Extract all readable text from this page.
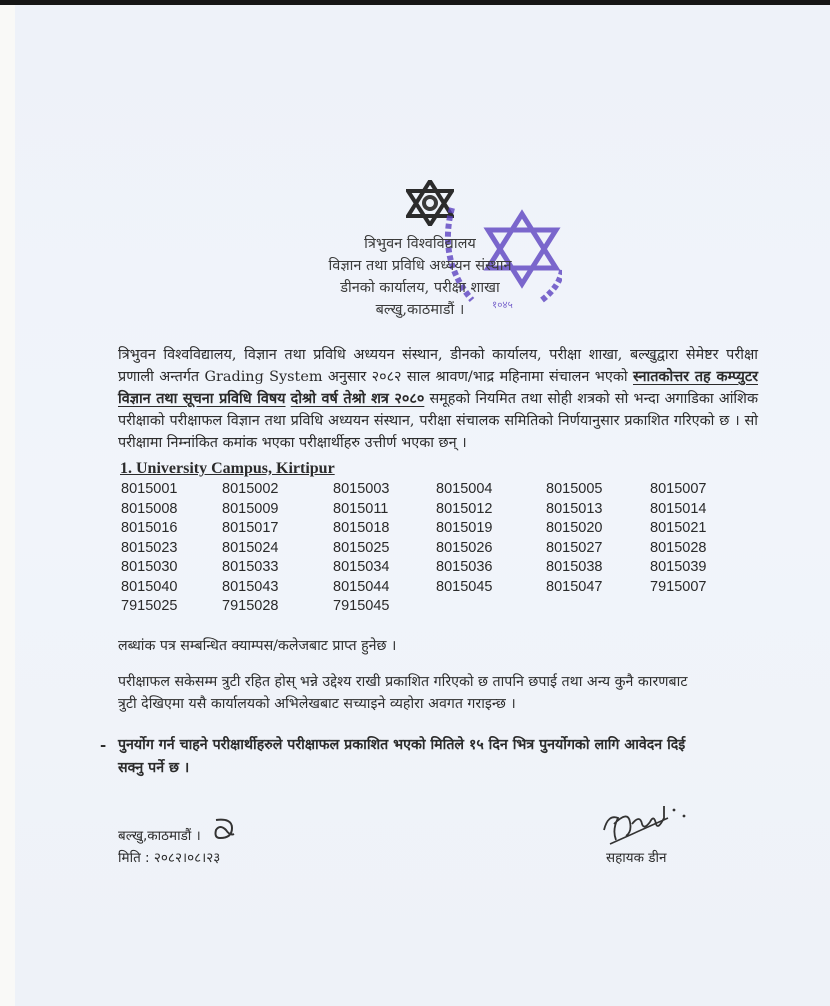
१०४५
त्रिभुवन विश्वविद्यालय
विज्ञान तथा प्रविधि अध्ययन संस्थान
डीनको कार्यालय, परीक्षा शाखा
बल्खु,काठमाडौं ।
त्रिभुवन विश्वविद्यालय, विज्ञान तथा प्रविधि अध्ययन संस्थान, डीनको कार्यालय, परीक्षा शाखा, बल्खुद्वारा सेमेष्टर परीक्षा प्रणाली अन्तर्गत Grading System अनुसार २०८२ साल श्रावण/भाद्र महिनामा संचालन भएको स्नातकोत्तर तह कम्प्युटर विज्ञान तथा सूचना प्रविधि विषय दोश्रो वर्ष तेश्रो शत्र २०८० समूहको नियमित तथा सोही शत्रको सो भन्दा अगाडिका आंशिक परीक्षाको परीक्षाफल विज्ञान तथा प्रविधि अध्ययन संस्थान, परीक्षा संचालक समितिको निर्णयानुसार प्रकाशित गरिएको छ । सो परीक्षामा निम्नांकित कमांक भएका परीक्षार्थीहरु उत्तीर्ण भएका छन् ।
1. University Campus, Kirtipur
8015001	8015002	8015003	8015004	8015005	8015007
8015008	8015009	8015011	8015012	8015013	8015014
8015016	8015017	8015018	8015019	8015020	8015021
8015023	8015024	8015025	8015026	8015027	8015028
8015030	8015033	8015034	8015036	8015038	8015039
8015040	8015043	8015044	8015045	8015047	7915007
7915025	7915028	7915045
लब्धांक पत्र सम्बन्धित क्याम्पस/कलेजबाट प्राप्त हुनेछ ।
परीक्षाफल सकेसम्म त्रुटी रहित होस् भन्ने उद्देश्य राखी प्रकाशित गरिएको छ तापनि छपाई तथा अन्य कुनै कारणबाट
त्रुटी देखिएमा यसै कार्यालयको अभिलेखबाट सच्याइने व्यहोरा अवगत गराइन्छ ।
- पुनर्योग गर्न चाहने परीक्षार्थीहरुले परीक्षाफल प्रकाशित भएको मितिले १५ दिन भित्र पुनर्योगको लागि आवेदन दिई
सक्नु पर्ने छ ।
बल्खु,काठमाडौं ।
मिति : २०८२।०८।२३	सहायक डीन
